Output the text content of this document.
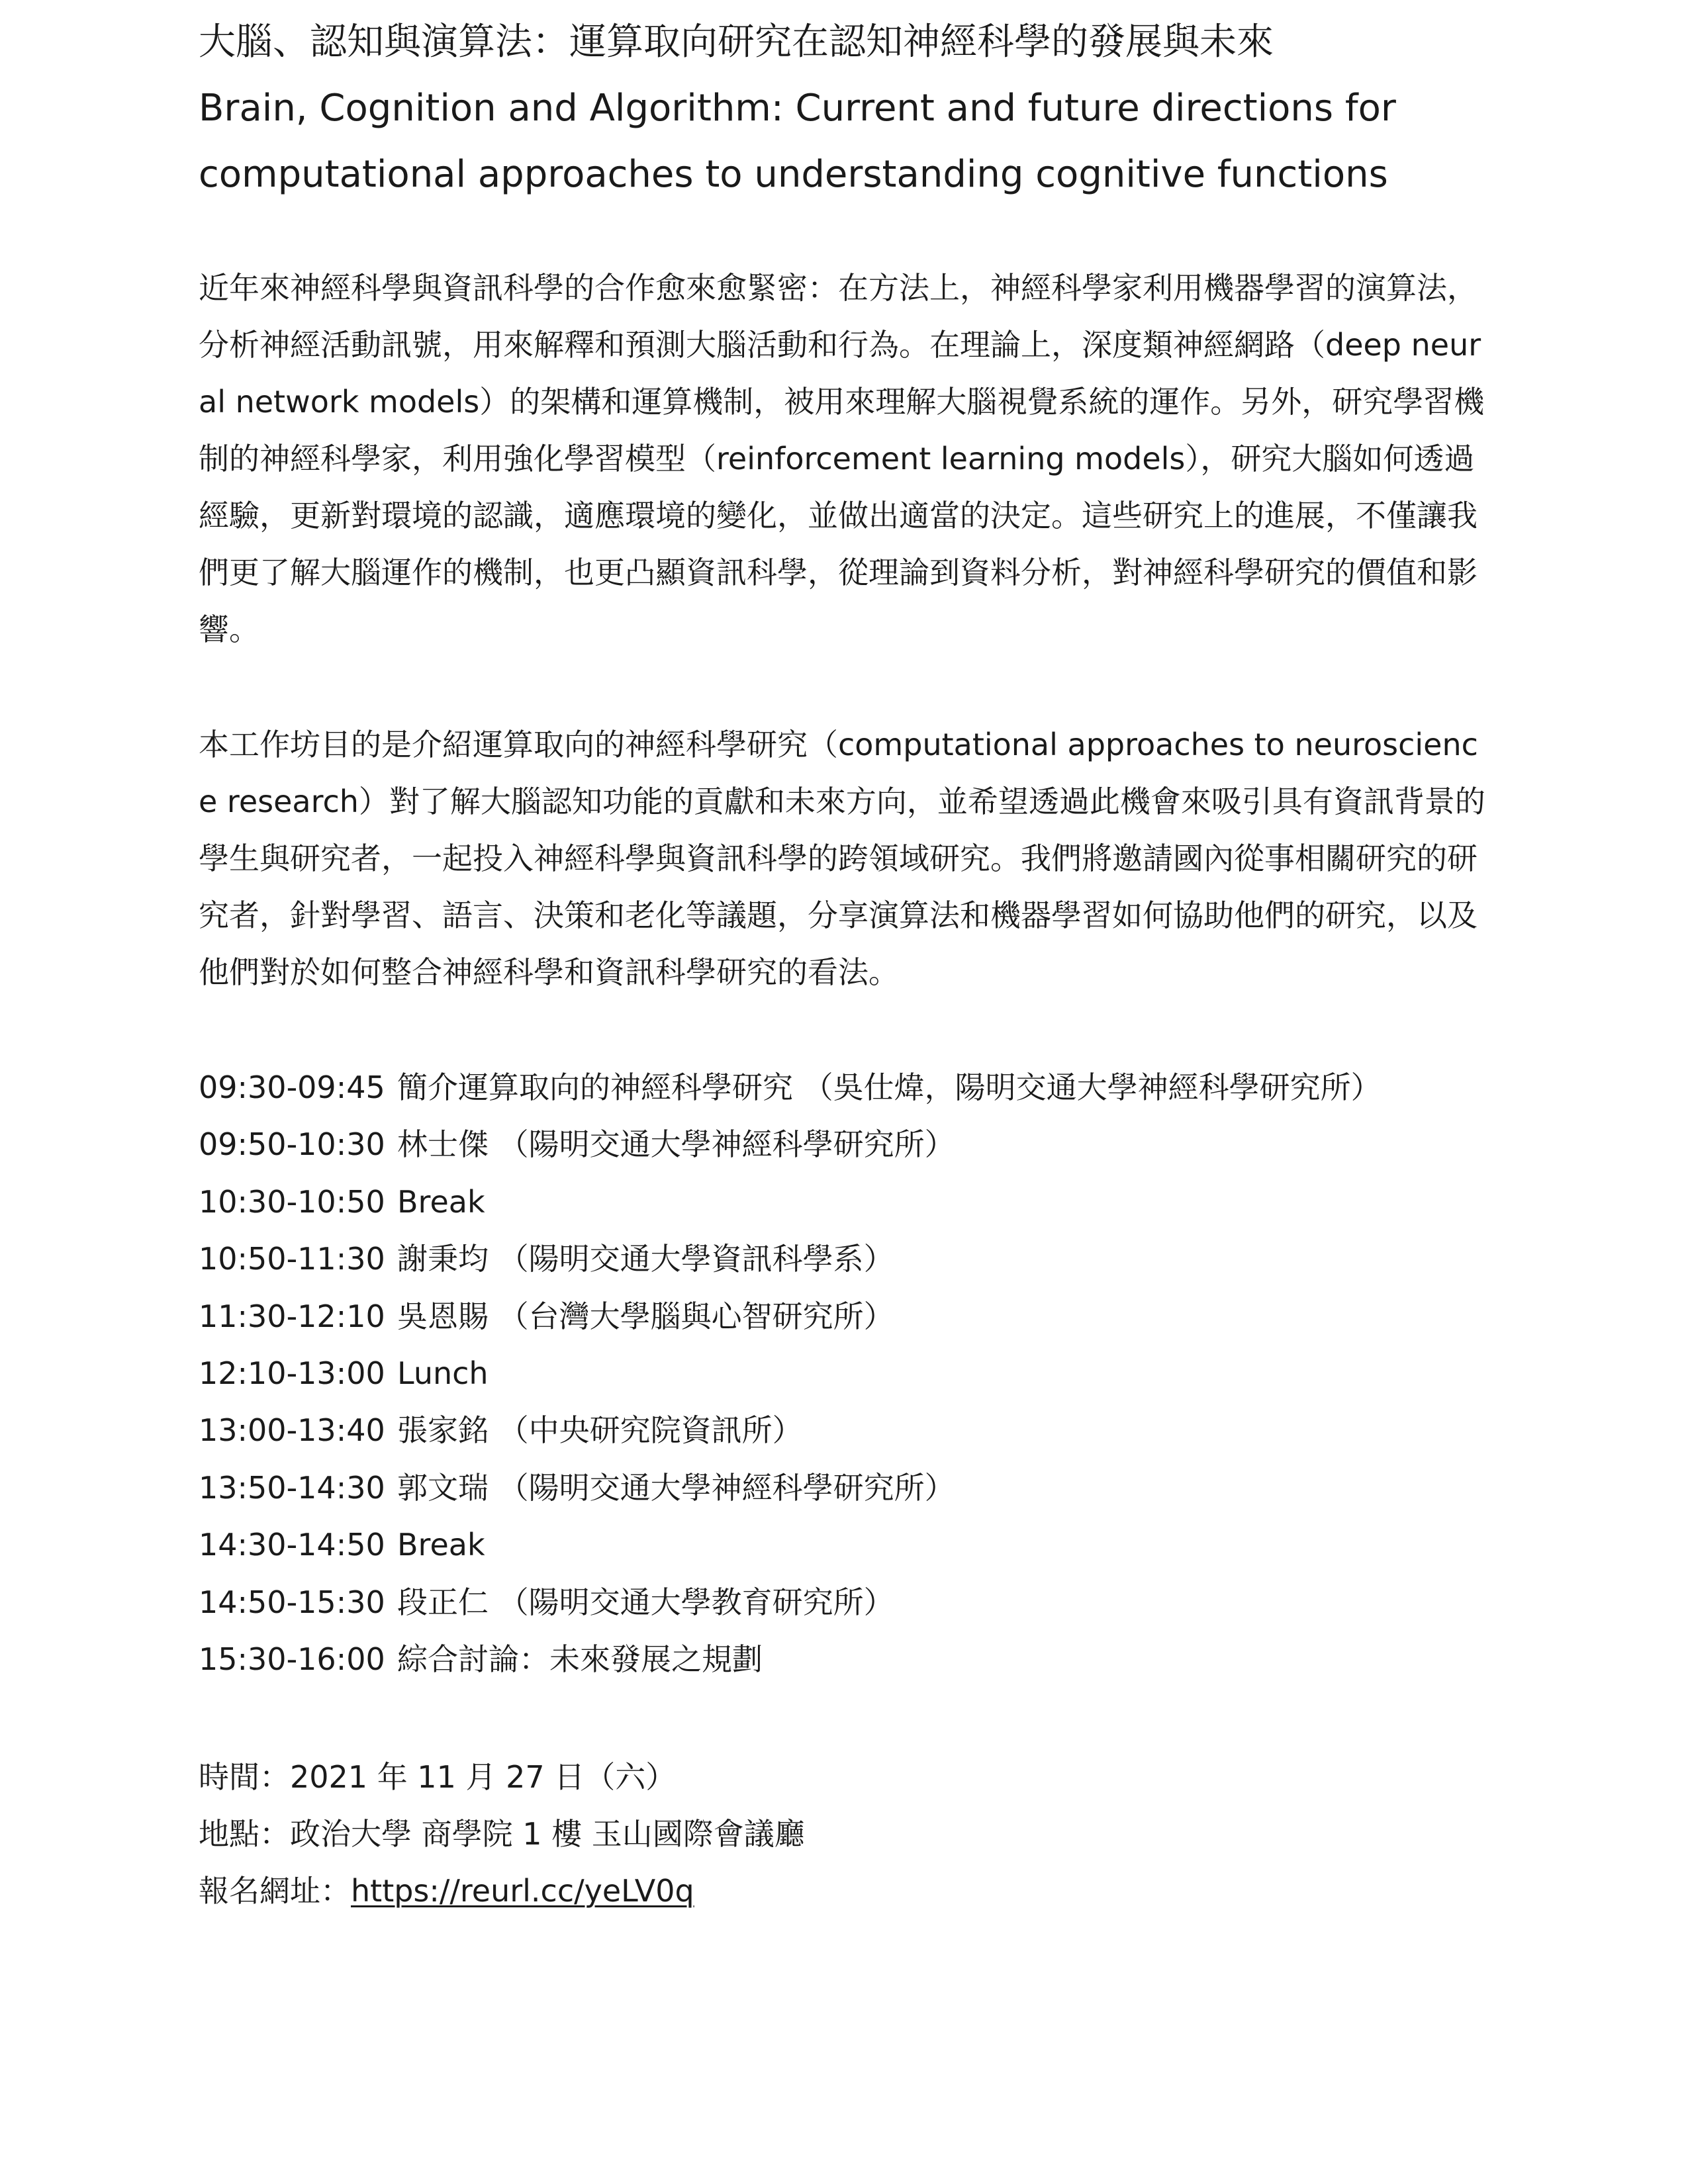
大腦、認知與演算法：運算取向研究在認知神經科學的發展與未來
Brain, Cognition and Algorithm: Current and future directions for
computational approaches to understanding cognitive functions

近年來神經科學與資訊科學的合作愈來愈緊密：在方法上，神經科學家利用機器學習的演算法，分析神經活動訊號，用來解釋和預測大腦活動和行為。在理論上，深度類神經網路（deep neural network models）的架構和運算機制，被用來理解大腦視覺系統的運作。另外，研究學習機制的神經科學家，利用強化學習模型（reinforcement learning models），研究大腦如何透過經驗，更新對環境的認識，適應環境的變化，並做出適當的決定。這些研究上的進展，不僅讓我們更了解大腦運作的機制，也更凸顯資訊科學，從理論到資料分析，對神經科學研究的價值和影響。

本工作坊目的是介紹運算取向的神經科學研究（computational approaches to neuroscience research）對了解大腦認知功能的貢獻和未來方向，並希望透過此機會來吸引具有資訊背景的學生與研究者，一起投入神經科學與資訊科學的跨領域研究。我們將邀請國內從事相關研究的研究者，針對學習、語言、決策和老化等議題，分享演算法和機器學習如何協助他們的研究，以及他們對於如何整合神經科學和資訊科學研究的看法。

09:30-09:45 簡介運算取向的神經科學研究 （吳仕煒，陽明交通大學神經科學研究所）
09:50-10:30 林士傑 （陽明交通大學神經科學研究所）
10:30-10:50 Break
10:50-11:30 謝秉均 （陽明交通大學資訊科學系）
11:30-12:10 吳恩賜 （台灣大學腦與心智研究所）
12:10-13:00 Lunch
13:00-13:40 張家銘 （中央研究院資訊所）
13:50-14:30 郭文瑞 （陽明交通大學神經科學研究所）
14:30-14:50 Break
14:50-15:30 段正仁 （陽明交通大學教育研究所）
15:30-16:00 綜合討論：未來發展之規劃
時間：2021 年 11 月 27 日（六）
地點：政治大學 商學院 1 樓 玉山國際會議廳
報名網址：https://reurl.cc/yeLV0q
